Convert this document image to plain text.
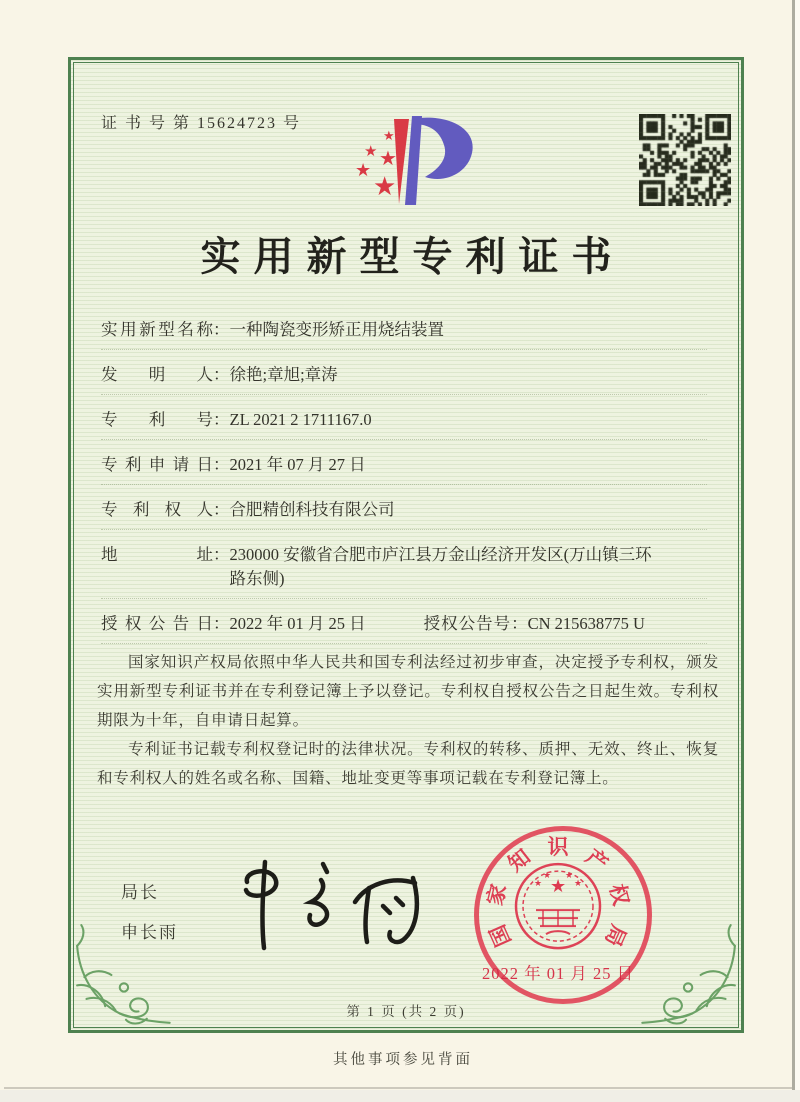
证 书 号 第 15624723 号
★
★ ★
★
★
实用新型专利证书
实用新型名称 ： 一种陶瓷变形矫正用烧结装置
发明人 ： 徐艳;章旭;章涛
专利号 ： ZL 2021 2 1711167.0
专利申请日 ： 2021 年 07 月 27 日
专利权人 ： 合肥精创科技有限公司
地址 ： 230000 安徽省合肥市庐江县万金山经济开发区(万山镇三环路东侧)
授权公告日 ： 2022 年 01 月 25 日	授权公告号：CN 215638775 U

国家知识产权局依照中华人民共和国专利法经过初步审查，决定授予专利权，颁发实用新型专利证书并在专利登记簿上予以登记。专利权自授权公告之日起生效。专利权期限为十年，自申请日起算。

专利证书记载专利权登记时的法律状况。专利权的转移、质押、无效、终止、恢复和专利权人的姓名或名称、国籍、地址变更等事项记载在专利登记簿上。

局长
申长雨	国
家
知 识 产
权
局
★
★
★ ★
★
2022 年 01 月 25 日
第 1 页 (共 2 页)
其他事项参见背面
